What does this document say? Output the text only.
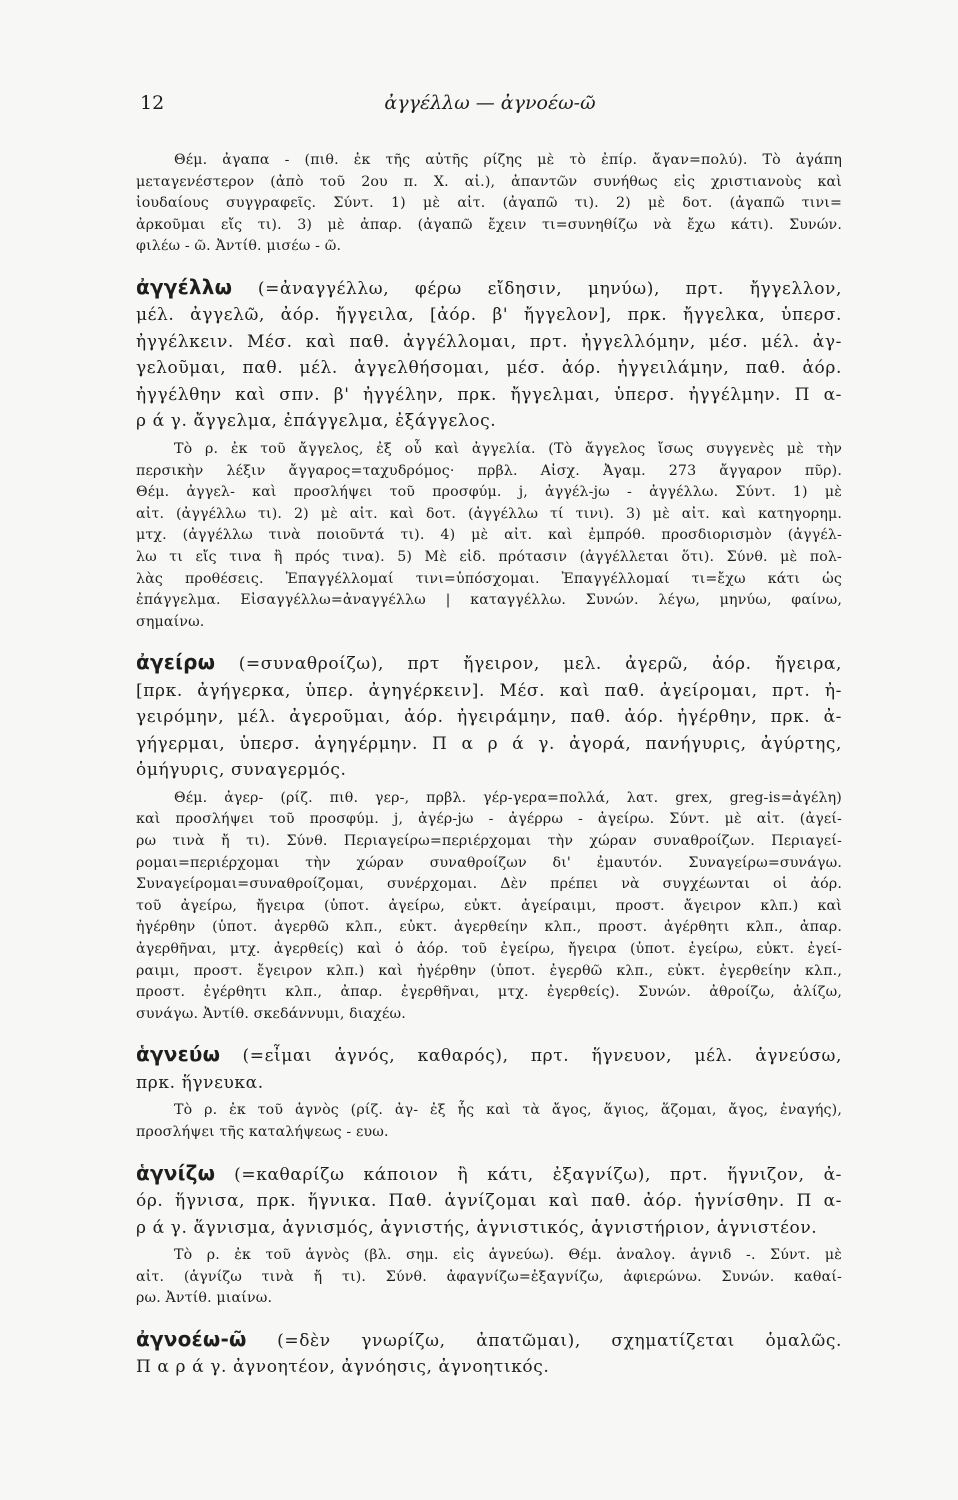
12	ἀγγέλλω — ἀγνοέω-ῶ

Θέμ. ἀγαπα - (πιθ. ἐκ τῆς αὐτῆς ρίζης μὲ τὸ ἐπίρ. ἄγαν=πολύ). Τὸ ἀγάπη
μεταγενέστερον (ἀπὸ τοῦ 2ου π. Χ. αἰ.), ἀπαντῶν συνήθως εἰς χριστιανοὺς καὶ
ἰουδαίους συγγραφεῖς. Σύντ. 1) μὲ αἰτ. (ἀγαπῶ τι). 2) μὲ δοτ. (ἀγαπῶ τινι=
ἀρκοῦμαι εἴς τι). 3) μὲ ἀπαρ. (ἀγαπῶ ἔχειν τι=συνηθίζω νὰ ἔχω κάτι). Συνών.
φιλέω - ῶ. Ἀντίθ. μισέω - ῶ.

ἀγγέλλω (=ἀναγγέλλω, φέρω εἴδησιν, μηνύω), πρτ. ἤγγελλον,
μέλ. ἀγγελῶ, ἀόρ. ἤγγειλα, [ἀόρ. β' ἤγγελον], πρκ. ἤγγελκα, ὑπερσ.
ἠγγέλκειν. Μέσ. καὶ παθ. ἀγγέλλομαι, πρτ. ἠγγελλόμην, μέσ. μέλ. ἀγ-
γελοῦμαι, παθ. μέλ. ἀγγελθήσομαι, μέσ. ἀόρ. ἠγγειλάμην, παθ. ἀόρ.
ἠγγέλθην καὶ σπν. β' ἠγγέλην, πρκ. ἤγγελμαι, ὑπερσ. ἠγγέλμην. Π α-
ρ ά γ. ἄγγελμα, ἐπάγγελμα, ἐξάγγελος.

Τὸ ρ. ἐκ τοῦ ἄγγελος, ἐξ οὗ καὶ ἀγγελία. (Τὸ ἄγγελος ἴσως συγγενὲς μὲ τὴν
περσικὴν λέξιν ἄγγαρος=ταχυδρόμος· πρβλ. Αἰσχ. Ἀγαμ. 273 ἄγγαρον πῦρ).
Θέμ. ἀγγελ- καὶ προσλήψει τοῦ προσφύμ. j, ἀγγέλ-jω - ἀγγέλλω. Σύντ. 1) μὲ
αἰτ. (ἀγγέλλω τι). 2) μὲ αἰτ. καὶ δοτ. (ἀγγέλλω τί τινι). 3) μὲ αἰτ. καὶ κατηγορημ.
μτχ. (ἀγγέλλω τινὰ ποιοῦντά τι). 4) μὲ αἰτ. καὶ ἐμπρόθ. προσδιορισμὸν (ἀγγέλ-
λω τι εἴς τινα ἢ πρός τινα). 5) Μὲ εἰδ. πρότασιν (ἀγγέλλεται ὅτι). Σύνθ. μὲ πολ-
λὰς προθέσεις. Ἐπαγγέλλομαί τινι=ὑπόσχομαι. Ἐπαγγέλλομαί τι=ἔχω κάτι ὡς
ἐπάγγελμα. Εἰσαγγέλλω=ἀναγγέλλω | καταγγέλλω. Συνών. λέγω, μηνύω, φαίνω,
σημαίνω.

ἀγείρω (=συναθροίζω), πρτ ἤγειρον, μελ. ἀγερῶ, ἀόρ. ἤγειρα,
[πρκ. ἀγήγερκα, ὑπερ. ἀγηγέρκειν]. Μέσ. καὶ παθ. ἀγείρομαι, πρτ. ἠ-
γειρόμην, μέλ. ἀγεροῦμαι, ἀόρ. ἠγειράμην, παθ. ἀόρ. ἠγέρθην, πρκ. ἀ-
γήγερμαι, ὑπερσ. ἀγηγέρμην. Π α ρ ά γ. ἀγορά, πανήγυρις, ἀγύρτης,
ὁμήγυρις, συναγερμός.

Θέμ. ἀγερ- (ρίζ. πιθ. γερ-, πρβλ. γέρ-γερα=πολλά, λατ. grex, greg-is=ἀγέλη)
καὶ προσλήψει τοῦ προσφύμ. j, ἀγέρ-jω - ἀγέρρω - ἀγείρω. Σύντ. μὲ αἰτ. (ἀγεί-
ρω τινὰ ἤ τι). Σύνθ. Περιαγείρω=περιέρχομαι τὴν χώραν συναθροίζων. Περιαγεί-
ρομαι=περιέρχομαι τὴν χώραν συναθροίζων δι' ἐμαυτόν. Συναγείρω=συνάγω.
Συναγείρομαι=συναθροίζομαι, συνέρχομαι. Δὲν πρέπει νὰ συγχέωνται οἱ ἀόρ.
τοῦ ἀγείρω, ἤγειρα (ὑποτ. ἀγείρω, εὐκτ. ἀγείραιμι, προστ. ἄγειρον κλπ.) καὶ
ἠγέρθην (ὑποτ. ἀγερθῶ κλπ., εὐκτ. ἀγερθείην κλπ., προστ. ἀγέρθητι κλπ., ἀπαρ.
ἀγερθῆναι, μτχ. ἀγερθείς) καὶ ὁ ἀόρ. τοῦ ἐγείρω, ἤγειρα (ὑποτ. ἐγείρω, εὐκτ. ἐγεί-
ραιμι, προστ. ἔγειρον κλπ.) καὶ ἠγέρθην (ὑποτ. ἐγερθῶ κλπ., εὐκτ. ἐγερθείην κλπ.,
προστ. ἐγέρθητι κλπ., ἀπαρ. ἐγερθῆναι, μτχ. ἐγερθείς). Συνών. ἀθροίζω, ἀλίζω,
συνάγω. Ἀντίθ. σκεδάννυμι, διαχέω.

ἁγνεύω (=εἶμαι ἁγνός, καθαρός), πρτ. ἥγνευον, μέλ. ἁγνεύσω,
πρκ. ἥγνευκα.

Τὸ ρ. ἐκ τοῦ ἁγνὸς (ρίζ. ἀγ- ἐξ ἧς καὶ τὰ ἄγος, ἅγιος, ἅζομαι, ἄγος, ἐναγής),
προσλήψει τῆς καταλήψεως - ευω.

ἁγνίζω (=καθαρίζω κάποιον ἢ κάτι, ἐξαγνίζω), πρτ. ἥγνιζον, ἀ-
όρ. ἥγνισα, πρκ. ἥγνικα. Παθ. ἁγνίζομαι καὶ παθ. ἀόρ. ἡγνίσθην. Π α-
ρ ά γ. ἅγνισμα, ἁγνισμός, ἁγνιστής, ἁγνιστικός, ἁγνιστήριον, ἁγνιστέον.

Τὸ ρ. ἐκ τοῦ ἁγνὸς (βλ. σημ. εἰς ἁγνεύω). Θέμ. ἀναλογ. ἁγνιδ -. Σύντ. μὲ
αἰτ. (ἁγνίζω τινὰ ἤ τι). Σύνθ. ἀφαγνίζω=ἐξαγνίζω, ἀφιερώνω. Συνών. καθαί-
ρω. Ἀντίθ. μιαίνω.

ἀγνοέω-ῶ (=δὲν γνωρίζω, ἀπατῶμαι), σχηματίζεται ὁμαλῶς.
Π α ρ ά γ. ἀγνοητέον, ἀγνόησις, ἀγνοητικός.
